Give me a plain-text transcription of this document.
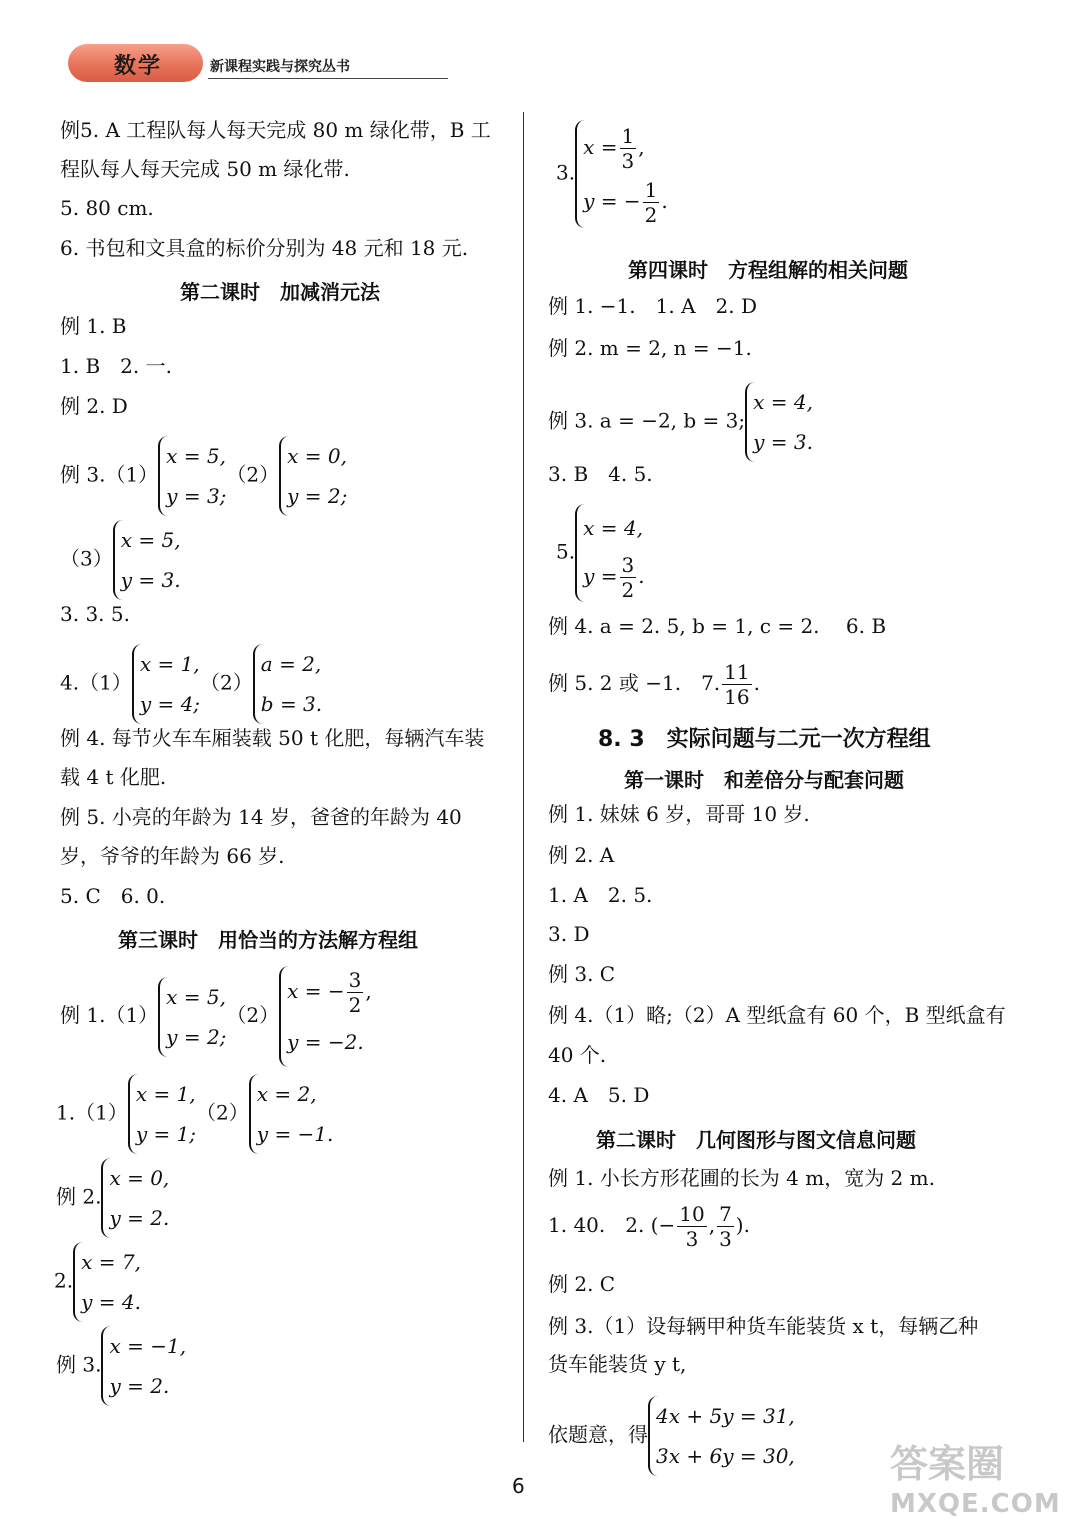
数学	新课程实践与探究丛书
例5. A 工程队每人每天完成 80 m 绿化带，B 工
程队每人每天完成 50 m 绿化带.
5. 80 cm.
6. 书包和文具盒的标价分别为 48 元和 18 元.
第二课时　加减消元法
例 1. B
1. B　2. 一.
例 2. D
例 3.（1）
x = 5,
y = 3;
（2）
x = 0,
y = 2;
（3）
x = 5,
y = 3.
3. 3. 5.
4.（1）
x = 1,
y = 4;
（2）
a = 2,
b = 3.
例 4. 每节火车车厢装载 50 t 化肥，每辆汽车装
载 4 t 化肥.
例 5. 小亮的年龄为 14 岁，爸爸的年龄为 40
岁，爷爷的年龄为 66 岁.
5. C　6. 0.
第三课时　用恰当的方法解方程组
例 1.（1）
x = 5,
y = 2;
（2）
x = − $\frac{3}{2}$ ,
y = −2.
1.（1）
x = 1,
y = 1;
（2）
x = 2,
y = −1.
例 2.
x = 0,
y = 2.
2.
x = 7,
y = 4.
例 3.
x = −1,
y = 2.
3.
$x = \frac{1}{3}$ ,
y = − $\frac{1}{2}$ .
第四课时　方程组解的相关问题
例 1. −1.　1. A　2. D
例 2. m = 2, n = −1.
例 3. a = −2, b = 3;
x = 4,
y = 3.
3. B　4. 5.
5.
x = 4,
$y = \frac{3}{2}$ .
例 4. a = 2. 5, b = 1, c = 2.　 6. B
例 5. 2 或 −1.　7. $\frac{11}{16}$ .
8. 3　实际问题与二元一次方程组
第一课时　和差倍分与配套问题
例 1. 妹妹 6 岁，哥哥 10 岁.
例 2. A
1. A　2. 5.
3. D
例 3. C
例 4.（1）略;（2）A 型纸盒有 60 个，B 型纸盒有
40 个.
4. A　5. D
第二课时　几何图形与图文信息问题
例 1. 小长方形花圃的长为 4 m，宽为 2 m.
1. 40.　2. (− $\frac{10}{3}$ , $\frac{7}{3}$ ).
例 2. C
例 3.（1）设每辆甲种货车能装货 x t，每辆乙种
货车能装货 y t,
依题意，得
4x + 5y = 31,
3x + 6y = 30,
6	答案圈
MXQE.COM
